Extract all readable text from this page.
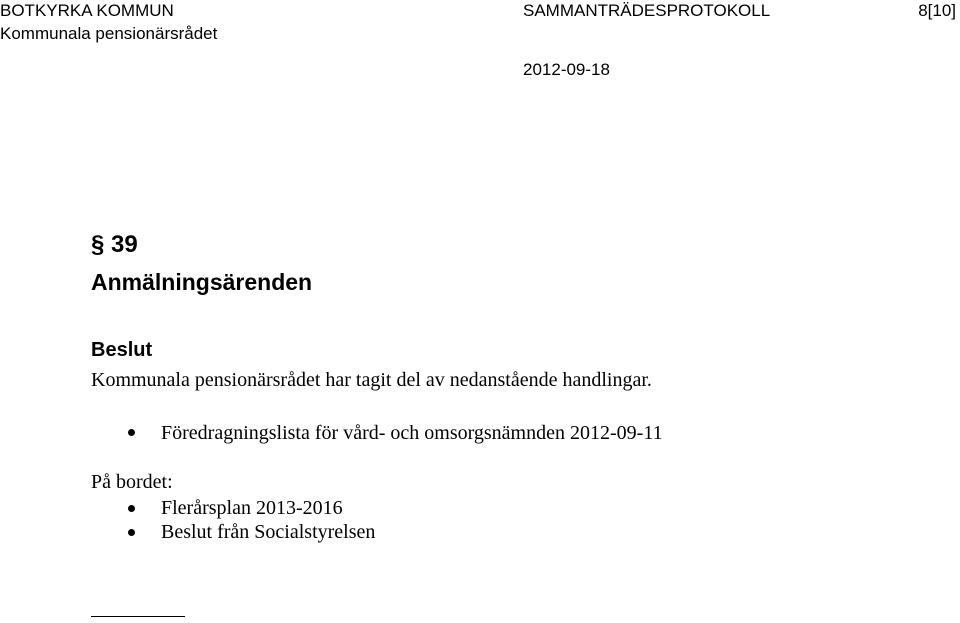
BOTKYRKA KOMMUN
Kommunala pensionärsrådet
SAMMANTRÄDESPROTOKOLL	8[10]
2012-09-18
§ 39
Anmälningsärenden
Beslut
Kommunala pensionärsrådet har tagit del av nedanstående handlingar.
Föredragningslista för vård- och omsorgsnämnden 2012-09-11
På bordet:
Flerårsplan 2013-2016
Beslut från Socialstyrelsen
